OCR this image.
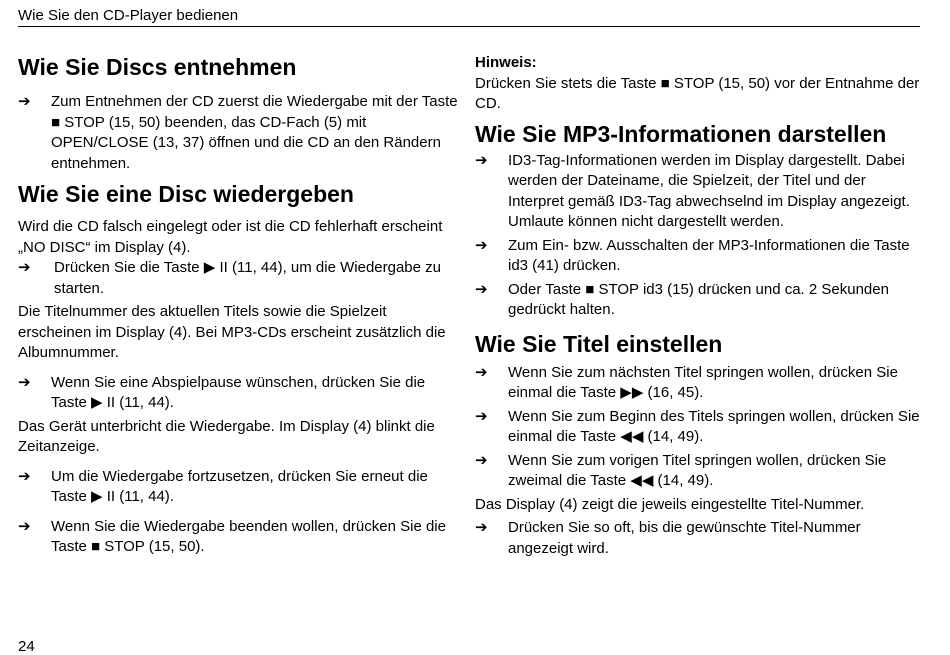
Wie Sie den CD-Player bedienen
Wie Sie Discs entnehmen
➔ Zum Entnehmen der CD zuerst die Wiedergabe mit der Taste ■ STOP (15, 50) beenden, das CD-Fach (5) mit OPEN/CLOSE (13, 37) öffnen und die CD an den Rändern entnehmen.

Wie Sie eine Disc wiedergeben

Wird die CD falsch eingelegt oder ist die CD fehlerhaft erscheint „NO DISC“ im Display (4).

➔ Drücken Sie die Taste ▶ II (11, 44), um die Wiedergabe zu starten.

Die Titelnummer des aktuellen Titels sowie die Spielzeit erscheinen im Display (4). Bei MP3-CDs erscheint zusätzlich die Albumnummer.

➔ Wenn Sie eine Abspielpause wünschen, drücken Sie die Taste ▶ II (11, 44).

Das Gerät unterbricht die Wiedergabe. Im Display (4) blinkt die Zeitanzeige.

➔ Um die Wiedergabe fortzusetzen, drücken Sie erneut die Taste ▶ II (11, 44).

➔ Wenn Sie die Wiedergabe beenden wollen, drücken Sie die Taste ■ STOP (15, 50).

Hinweis:

Drücken Sie stets die Taste ■ STOP (15, 50) vor der Entnahme der CD.

Wie Sie MP3-Informationen darstellen
➔ ID3-Tag-Informationen werden im Display dargestellt. Dabei werden der Dateiname, die Spielzeit, der Titel und der Interpret gemäß ID3-Tag abwechselnd im Display angezeigt. Umlaute können nicht dargestellt werden.

➔ Zum Ein- bzw. Ausschalten der MP3-Informationen die Taste id3 (41) drücken.

➔ Oder Taste ■ STOP id3 (15) drücken und ca. 2 Sekunden gedrückt halten.

Wie Sie Titel einstellen
➔ Wenn Sie zum nächsten Titel springen wollen, drücken Sie einmal die Taste ▶▶ (16, 45).

➔ Wenn Sie zum Beginn des Titels springen wollen, drücken Sie einmal die Taste ◀◀ (14, 49).

➔ Wenn Sie zum vorigen Titel springen wollen, drücken Sie zweimal die Taste ◀◀ (14, 49).

Das Display (4) zeigt die jeweils eingestellte Titel-Nummer.

➔ Drücken Sie so oft, bis die gewünschte Titel-Nummer angezeigt wird.

24
